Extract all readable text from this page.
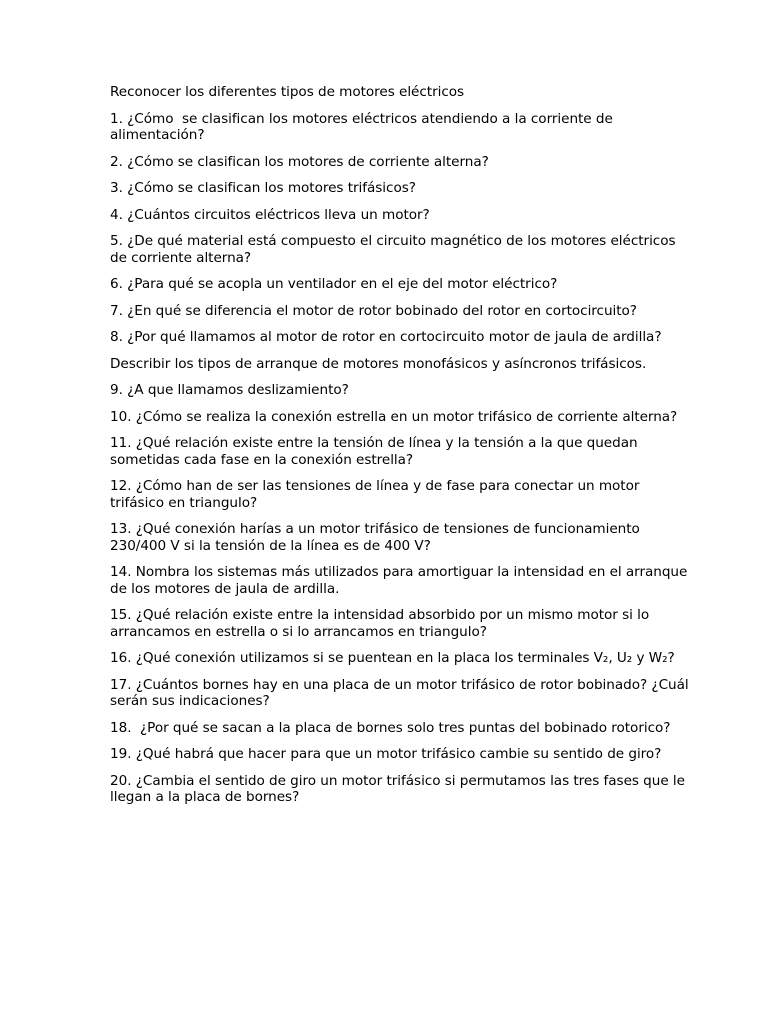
Reconocer los diferentes tipos de motores eléctricos

1. ¿Cómo  se clasifican los motores eléctricos atendiendo a la corriente de alimentación?

2. ¿Cómo se clasifican los motores de corriente alterna?

3. ¿Cómo se clasifican los motores trifásicos?

4. ¿Cuántos circuitos eléctricos lleva un motor?

5. ¿De qué material está compuesto el circuito magnético de los motores eléctricos de corriente alterna?

6. ¿Para qué se acopla un ventilador en el eje del motor eléctrico?

7. ¿En qué se diferencia el motor de rotor bobinado del rotor en cortocircuito?

8. ¿Por qué llamamos al motor de rotor en cortocircuito motor de jaula de ardilla?

Describir los tipos de arranque de motores monofásicos y asíncronos trifásicos.

9. ¿A que llamamos deslizamiento?

10. ¿Cómo se realiza la conexión estrella en un motor trifásico de corriente alterna?

11. ¿Qué relación existe entre la tensión de línea y la tensión a la que quedan sometidas cada fase en la conexión estrella?

12. ¿Cómo han de ser las tensiones de línea y de fase para conectar un motor trifásico en triangulo?

13. ¿Qué conexión harías a un motor trifásico de tensiones de funcionamiento 230/400 V si la tensión de la línea es de 400 V?

14. Nombra los sistemas más utilizados para amortiguar la intensidad en el arranque de los motores de jaula de ardilla.

15. ¿Qué relación existe entre la intensidad absorbido por un mismo motor si lo arrancamos en estrella o si lo arrancamos en triangulo?

16. ¿Qué conexión utilizamos si se puentean en la placa los terminales V₂, U₂ y W₂?

17. ¿Cuántos bornes hay en una placa de un motor trifásico de rotor bobinado? ¿Cuál serán sus indicaciones?

18.  ¿Por qué se sacan a la placa de bornes solo tres puntas del bobinado rotorico?

19. ¿Qué habrá que hacer para que un motor trifásico cambie su sentido de giro?

20. ¿Cambia el sentido de giro un motor trifásico si permutamos las tres fases que le llegan a la placa de bornes?
